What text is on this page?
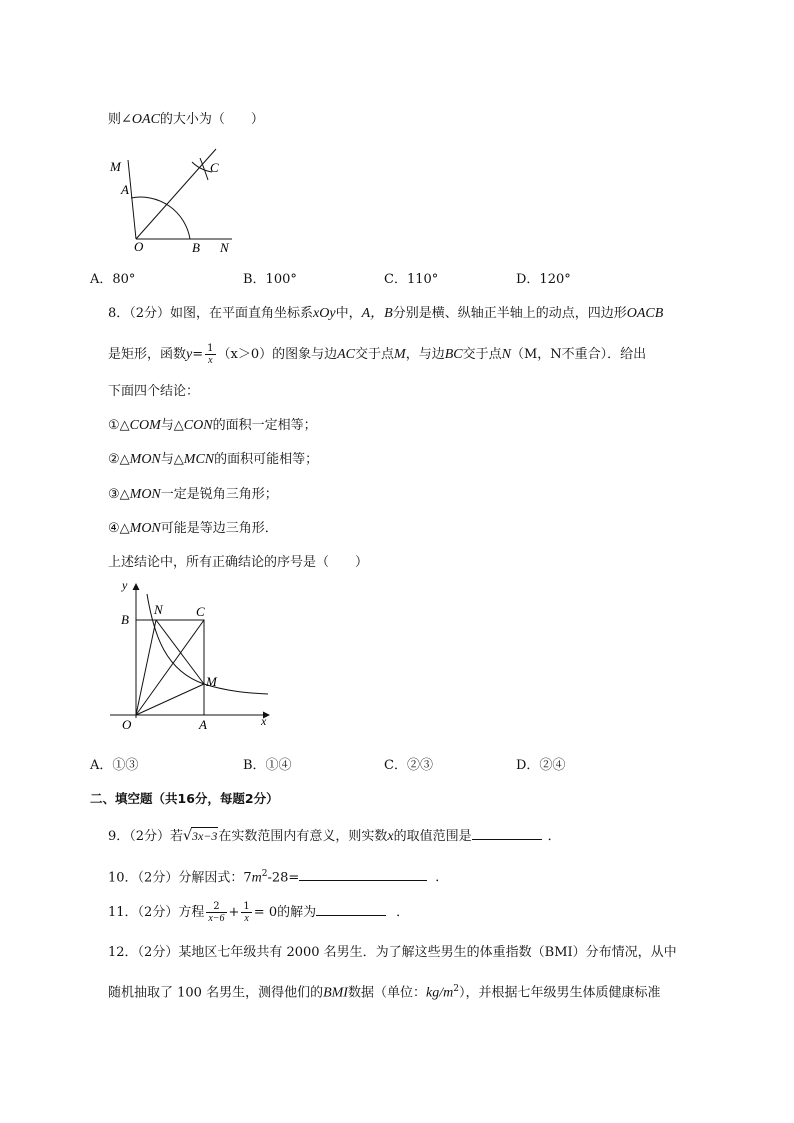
则∠OAC的大小为（　　）
M
A
C
O	B N
A．80°	B．100°	C．110°	D．120°
8．（2分）如图，在平面直角坐标系xOy中，A，B分别是横、纵轴正半轴上的动点，四边形OACB
是矩形，函数$y= \frac{1}{x} (x>0)$的图象与边AC交于点M，与边BC交于点N（M，N不重合）．给出
下面四个结论：
①△COM与△CON的面积一定相等；
②△MON与△MCN的面积可能相等；
③△MON一定是锐角三角形；
④△MON可能是等边三角形．
上述结论中，所有正确结论的序号是（　　）
y
B
N	C
M
O	A	x
A．①③	B．①④	C．②③	D．②④
二、填空题（共16分，每题2分）
9．（2分）若√3x−3在实数范围内有意义，则实数x的取值范围是	．
10．（2分）分解因式：$7m^2-28=$	．
11．（2分）方程 $\frac{2}{x-6} + \frac{1}{x} = 0$的解为	．
12．（2分）某地区七年级共有 2000 名男生．为了解这些男生的体重指数（BMI）分布情况，从中
随机抽取了 100 名男生，测得他们的BMI数据（单位：$kg/m^2$），并根据七年级男生体质健康标准
